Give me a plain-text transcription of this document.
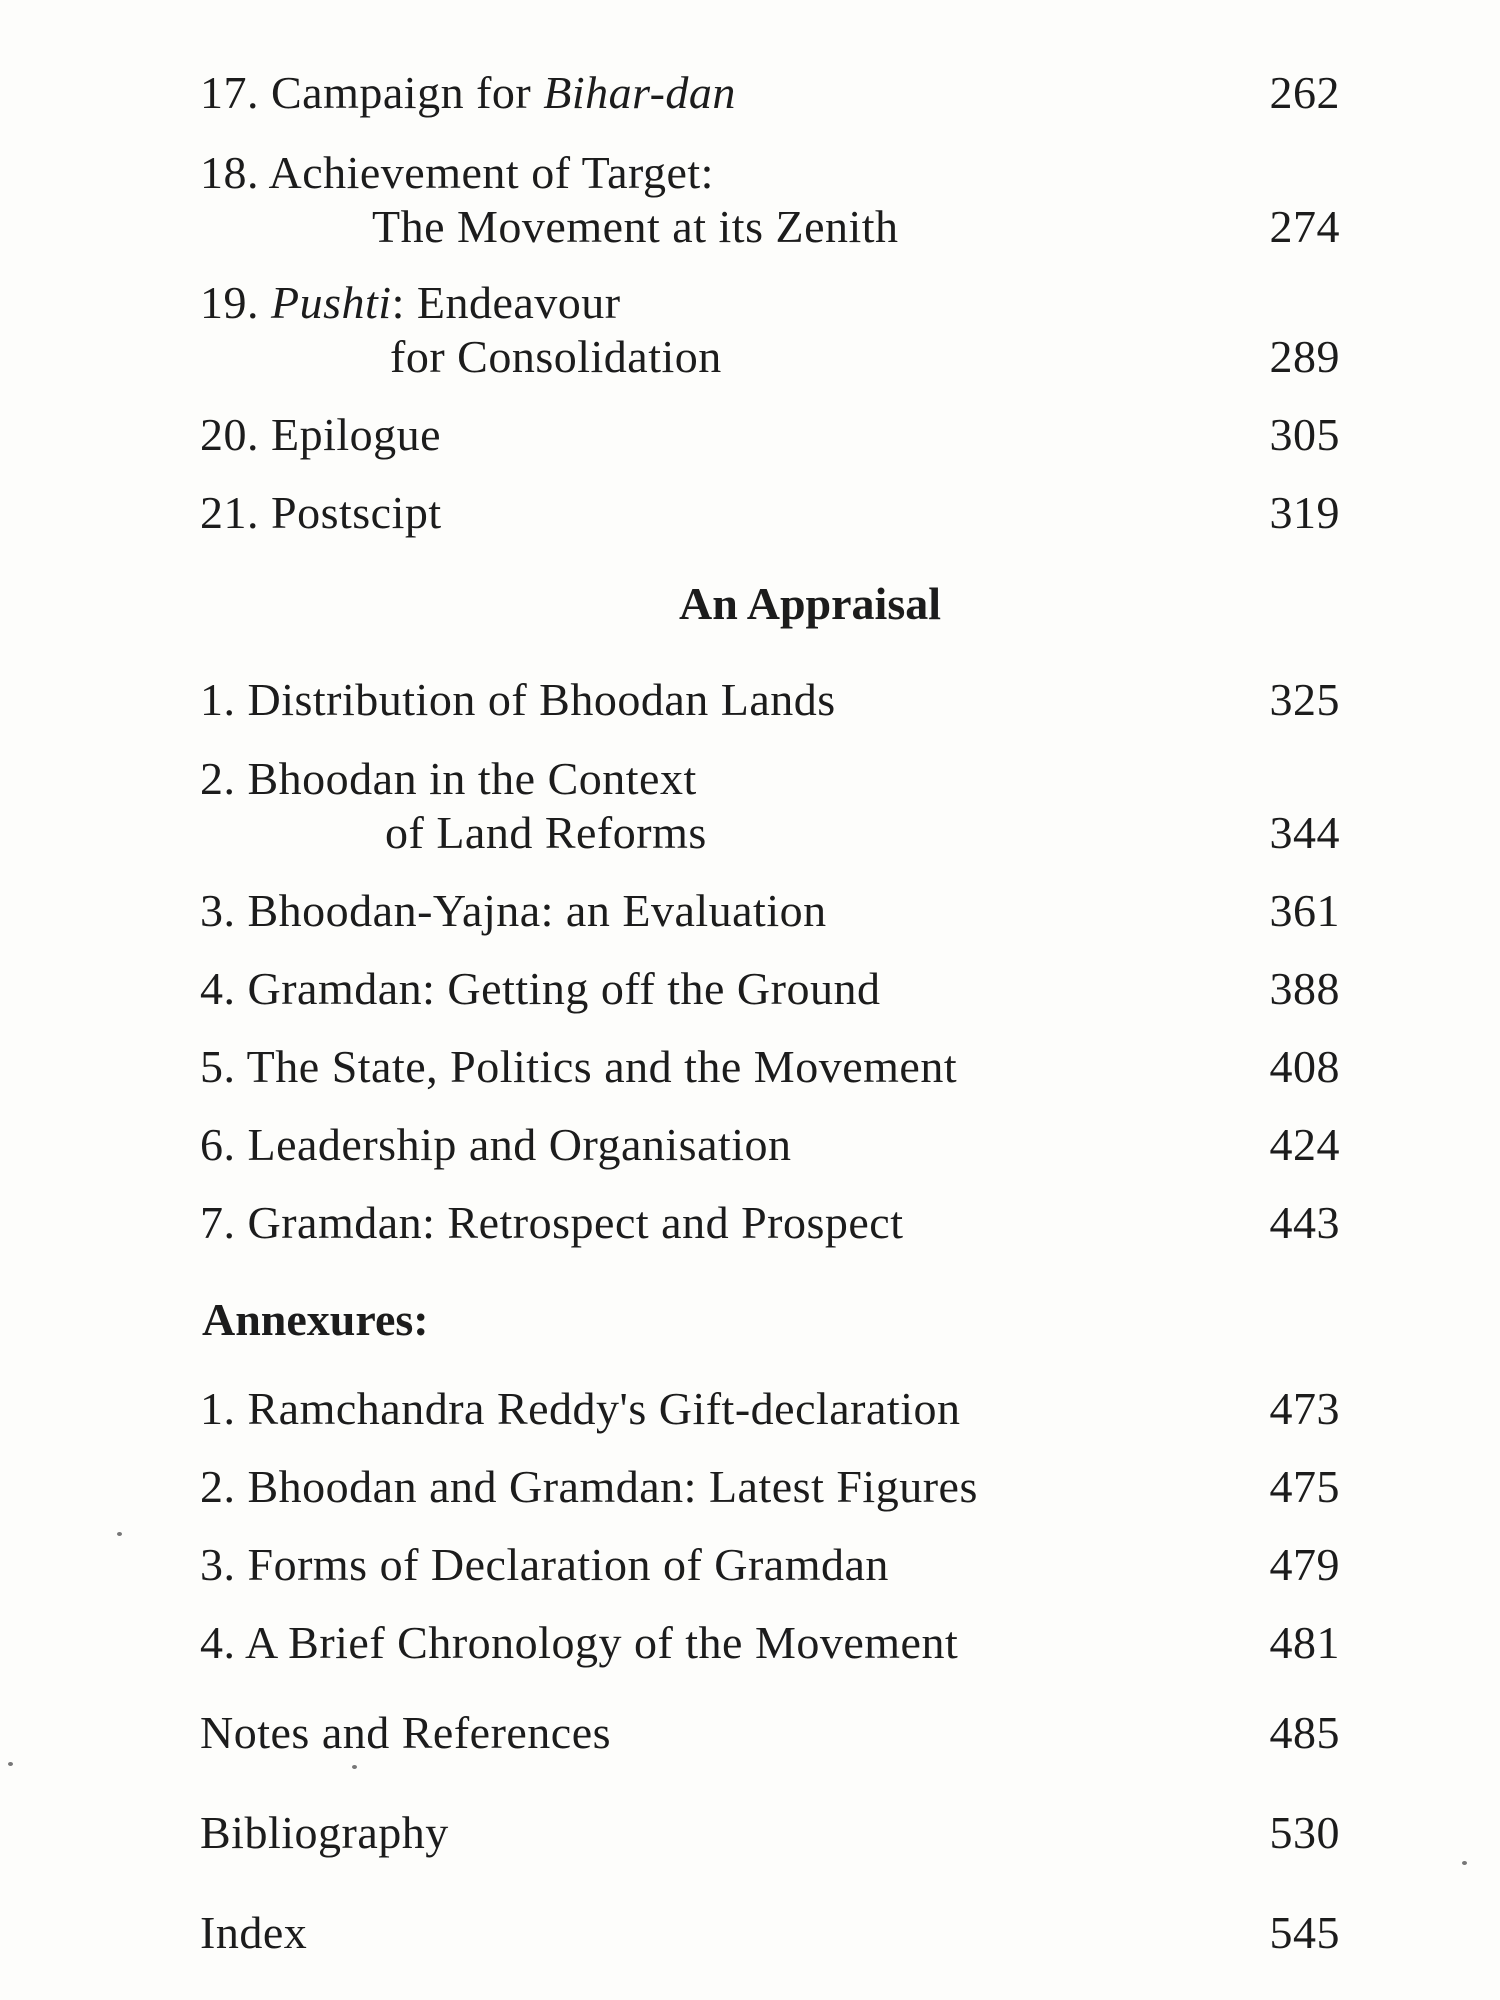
17. Campaign for Bihar-dan	262
18. Achievement of Target:
The Movement at its Zenith	274
19. Pushti: Endeavour
for Consolidation	289
20. Epilogue	305
21. Postscipt	319
An Appraisal
1. Distribution of Bhoodan Lands	325
2. Bhoodan in the Context
of Land Reforms	344
3. Bhoodan-Yajna: an Evaluation	361
4. Gramdan: Getting off the Ground	388
5. The State, Politics and the Movement	408
6. Leadership and Organisation	424
7. Gramdan: Retrospect and Prospect	443
Annexures:
1. Ramchandra Reddy's Gift-declaration	473
2. Bhoodan and Gramdan: Latest Figures	475
3. Forms of Declaration of Gramdan	479
4. A Brief Chronology of the Movement	481
Notes and References	485
Bibliography	530
Index	545
